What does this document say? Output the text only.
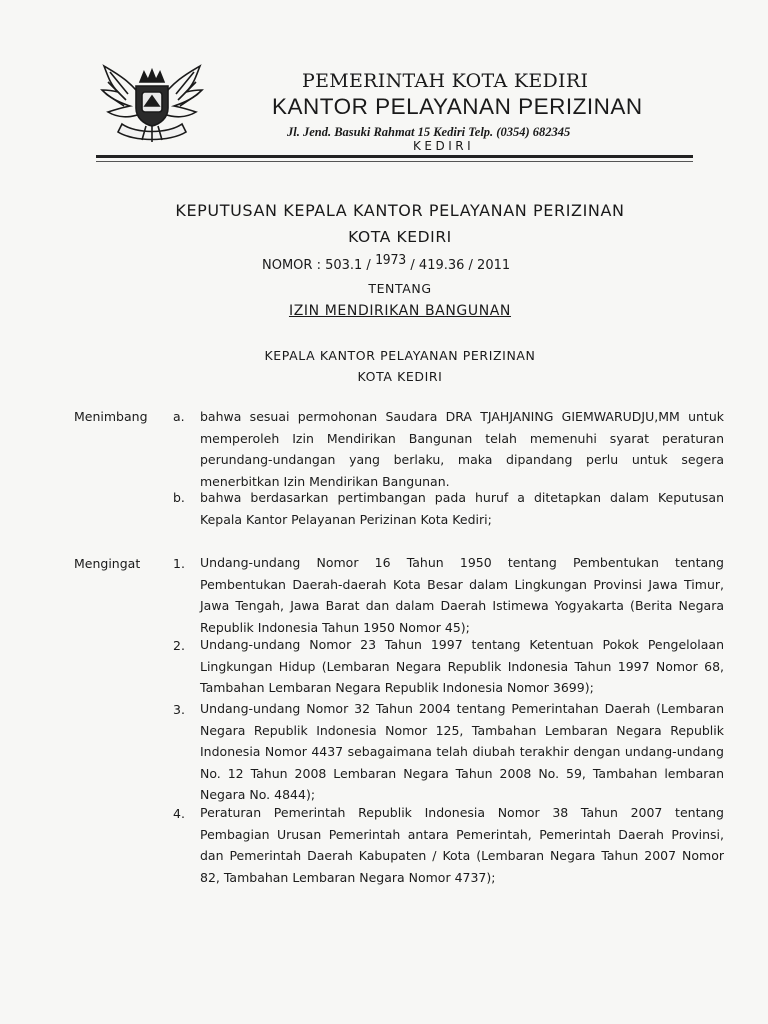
PEMERINTAH KOTA KEDIRI
KANTOR PELAYANAN PERIZINAN
Jl. Jend. Basuki Rahmat 15 Kediri Telp. (0354) 682345
KEDIRI
KEPUTUSAN KEPALA KANTOR PELAYANAN PERIZINAN
KOTA KEDIRI
NOMOR : 503.1 / 1973 / 419.36 / 2011
TENTANG
IZIN MENDIRIKAN BANGUNAN
KEPALA KANTOR PELAYANAN PERIZINAN
KOTA KEDIRI
Menimbang a. bahwa sesuai permohonan Saudara DRA TJAHJANING GIEMWARUDJU,MM untuk memperoleh Izin Mendirikan Bangunan telah memenuhi syarat peraturan perundang-undangan yang berlaku, maka dipandang perlu untuk segera menerbitkan Izin Mendirikan Bangunan.
b. bahwa berdasarkan pertimbangan pada huruf a ditetapkan dalam Keputusan Kepala Kantor Pelayanan Perizinan Kota Kediri;
Mengingat	1. Undang-undang Nomor 16 Tahun 1950 tentang Pembentukan tentang Pembentukan Daerah-daerah Kota Besar dalam Lingkungan Provinsi Jawa Timur, Jawa Tengah, Jawa Barat dan dalam Daerah Istimewa Yogyakarta (Berita Negara Republik Indonesia Tahun 1950 Nomor 45);
2. Undang-undang Nomor 23 Tahun 1997 tentang Ketentuan Pokok Pengelolaan Lingkungan Hidup (Lembaran Negara Republik Indonesia Tahun 1997 Nomor 68, Tambahan Lembaran Negara Republik Indonesia Nomor 3699);
3. Undang-undang Nomor 32 Tahun 2004 tentang Pemerintahan Daerah (Lembaran Negara Republik Indonesia Nomor 125, Tambahan Lembaran Negara Republik Indonesia Nomor 4437 sebagaimana telah diubah terakhir dengan undang-undang No. 12 Tahun 2008 Lembaran Negara Tahun 2008 No. 59, Tambahan lembaran Negara No. 4844);
4. Peraturan Pemerintah Republik Indonesia Nomor 38 Tahun 2007 tentang Pembagian Urusan Pemerintah antara Pemerintah, Pemerintah Daerah Provinsi, dan Pemerintah Daerah Kabupaten / Kota (Lembaran Negara Tahun 2007 Nomor 82, Tambahan Lembaran Negara Nomor 4737);
